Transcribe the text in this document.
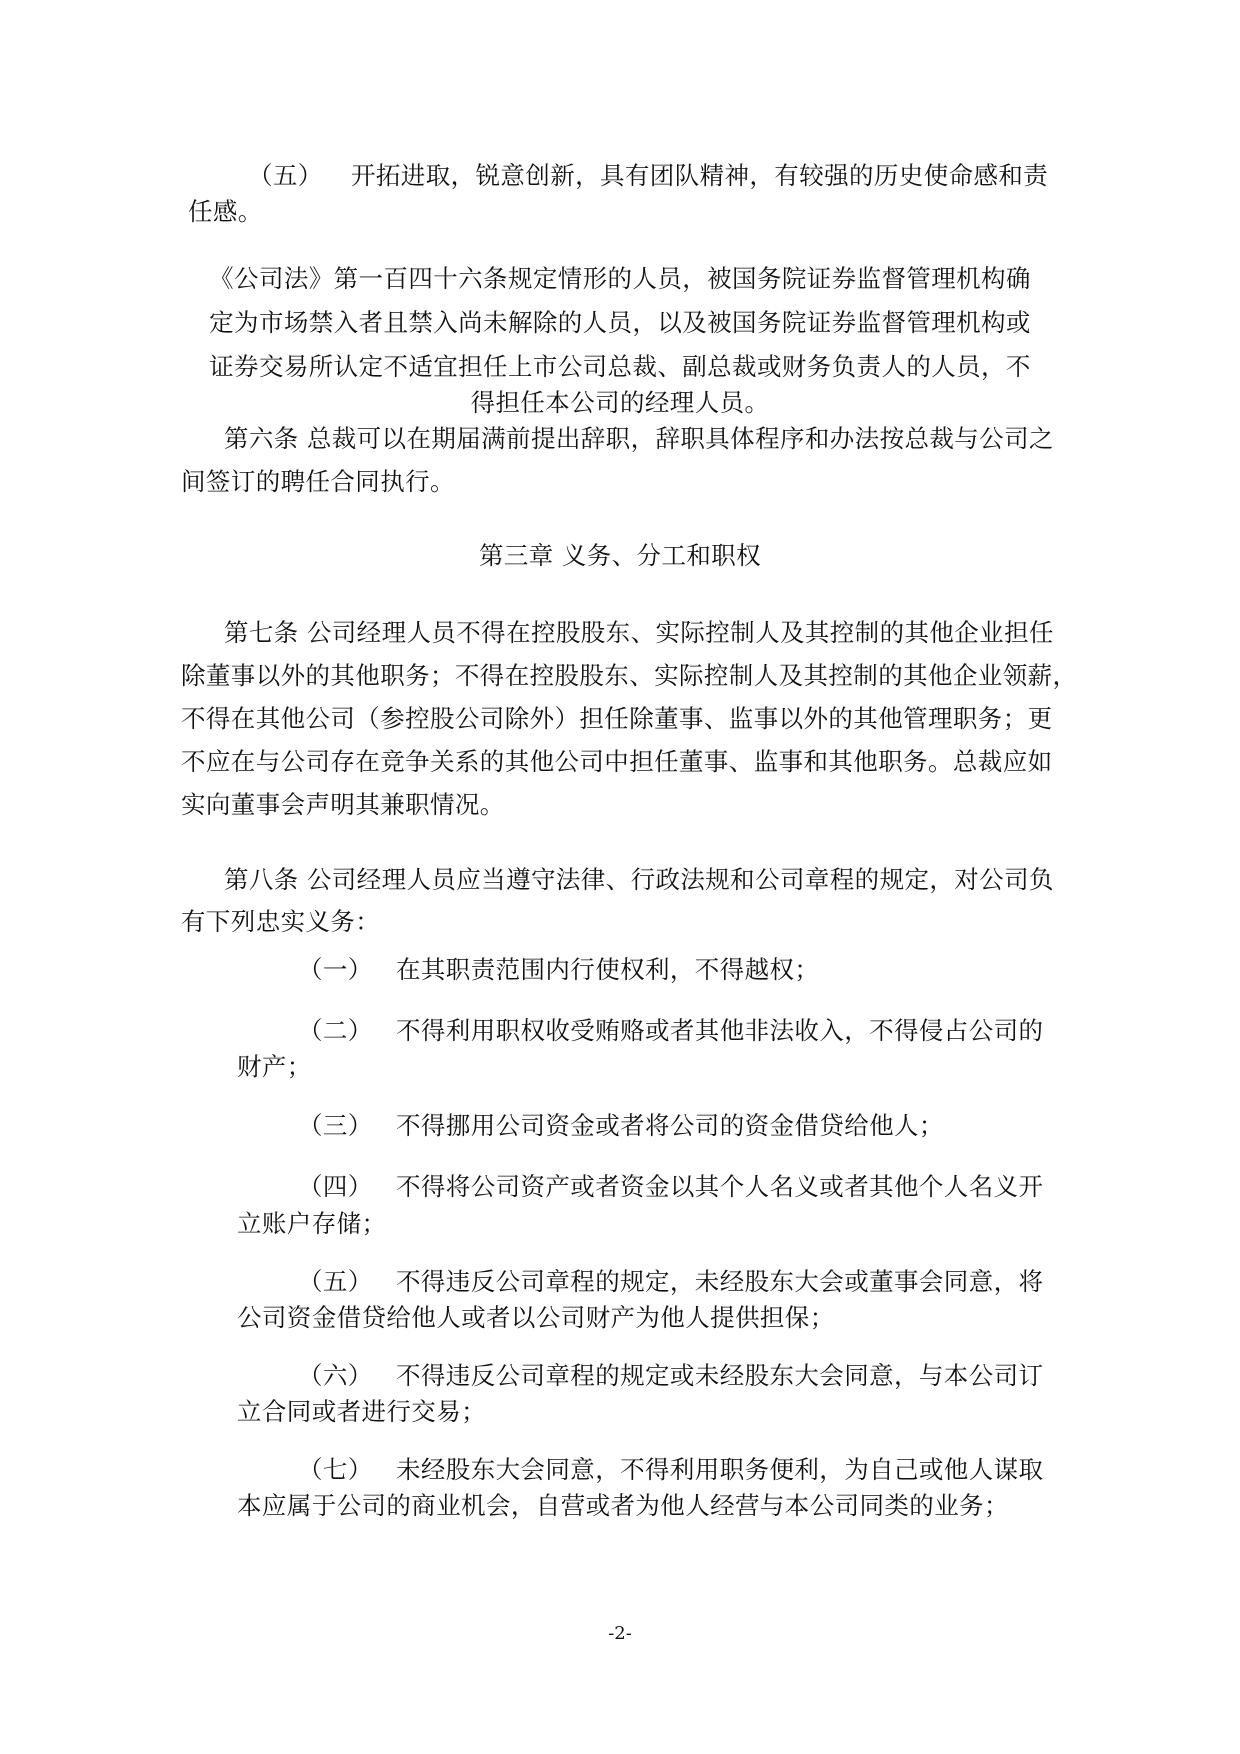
（五） 开拓进取，锐意创新，具有团队精神，有较强的历史使命感和责
任感。
《公司法》第一百四十六条规定情形的人员，被国务院证券监督管理机构确
定为市场禁入者且禁入尚未解除的人员，以及被国务院证券监督管理机构或
证券交易所认定不适宜担任上市公司总裁、副总裁或财务负责人的人员，不
得担任本公司的经理人员。
第六条 总裁可以在期届满前提出辞职，辞职具体程序和办法按总裁与公司之
间签订的聘任合同执行。
第三章 义务、分工和职权
第七条 公司经理人员不得在控股股东、实际控制人及其控制的其他企业担任
除董事以外的其他职务；不得在控股股东、实际控制人及其控制的其他企业领薪，
不得在其他公司（参控股公司除外）担任除董事、监事以外的其他管理职务；更
不应在与公司存在竞争关系的其他公司中担任董事、监事和其他职务。总裁应如
实向董事会声明其兼职情况。
第八条 公司经理人员应当遵守法律、行政法规和公司章程的规定，对公司负
有下列忠实义务：
（一） 在其职责范围内行使权利，不得越权；
（二） 不得利用职权收受贿赂或者其他非法收入，不得侵占公司的
财产；
（三） 不得挪用公司资金或者将公司的资金借贷给他人；
（四） 不得将公司资产或者资金以其个人名义或者其他个人名义开
立账户存储；
（五） 不得违反公司章程的规定，未经股东大会或董事会同意，将
公司资金借贷给他人或者以公司财产为他人提供担保；
（六） 不得违反公司章程的规定或未经股东大会同意，与本公司订
立合同或者进行交易；
（七） 未经股东大会同意，不得利用职务便利，为自己或他人谋取
本应属于公司的商业机会，自营或者为他人经营与本公司同类的业务；
-2-
